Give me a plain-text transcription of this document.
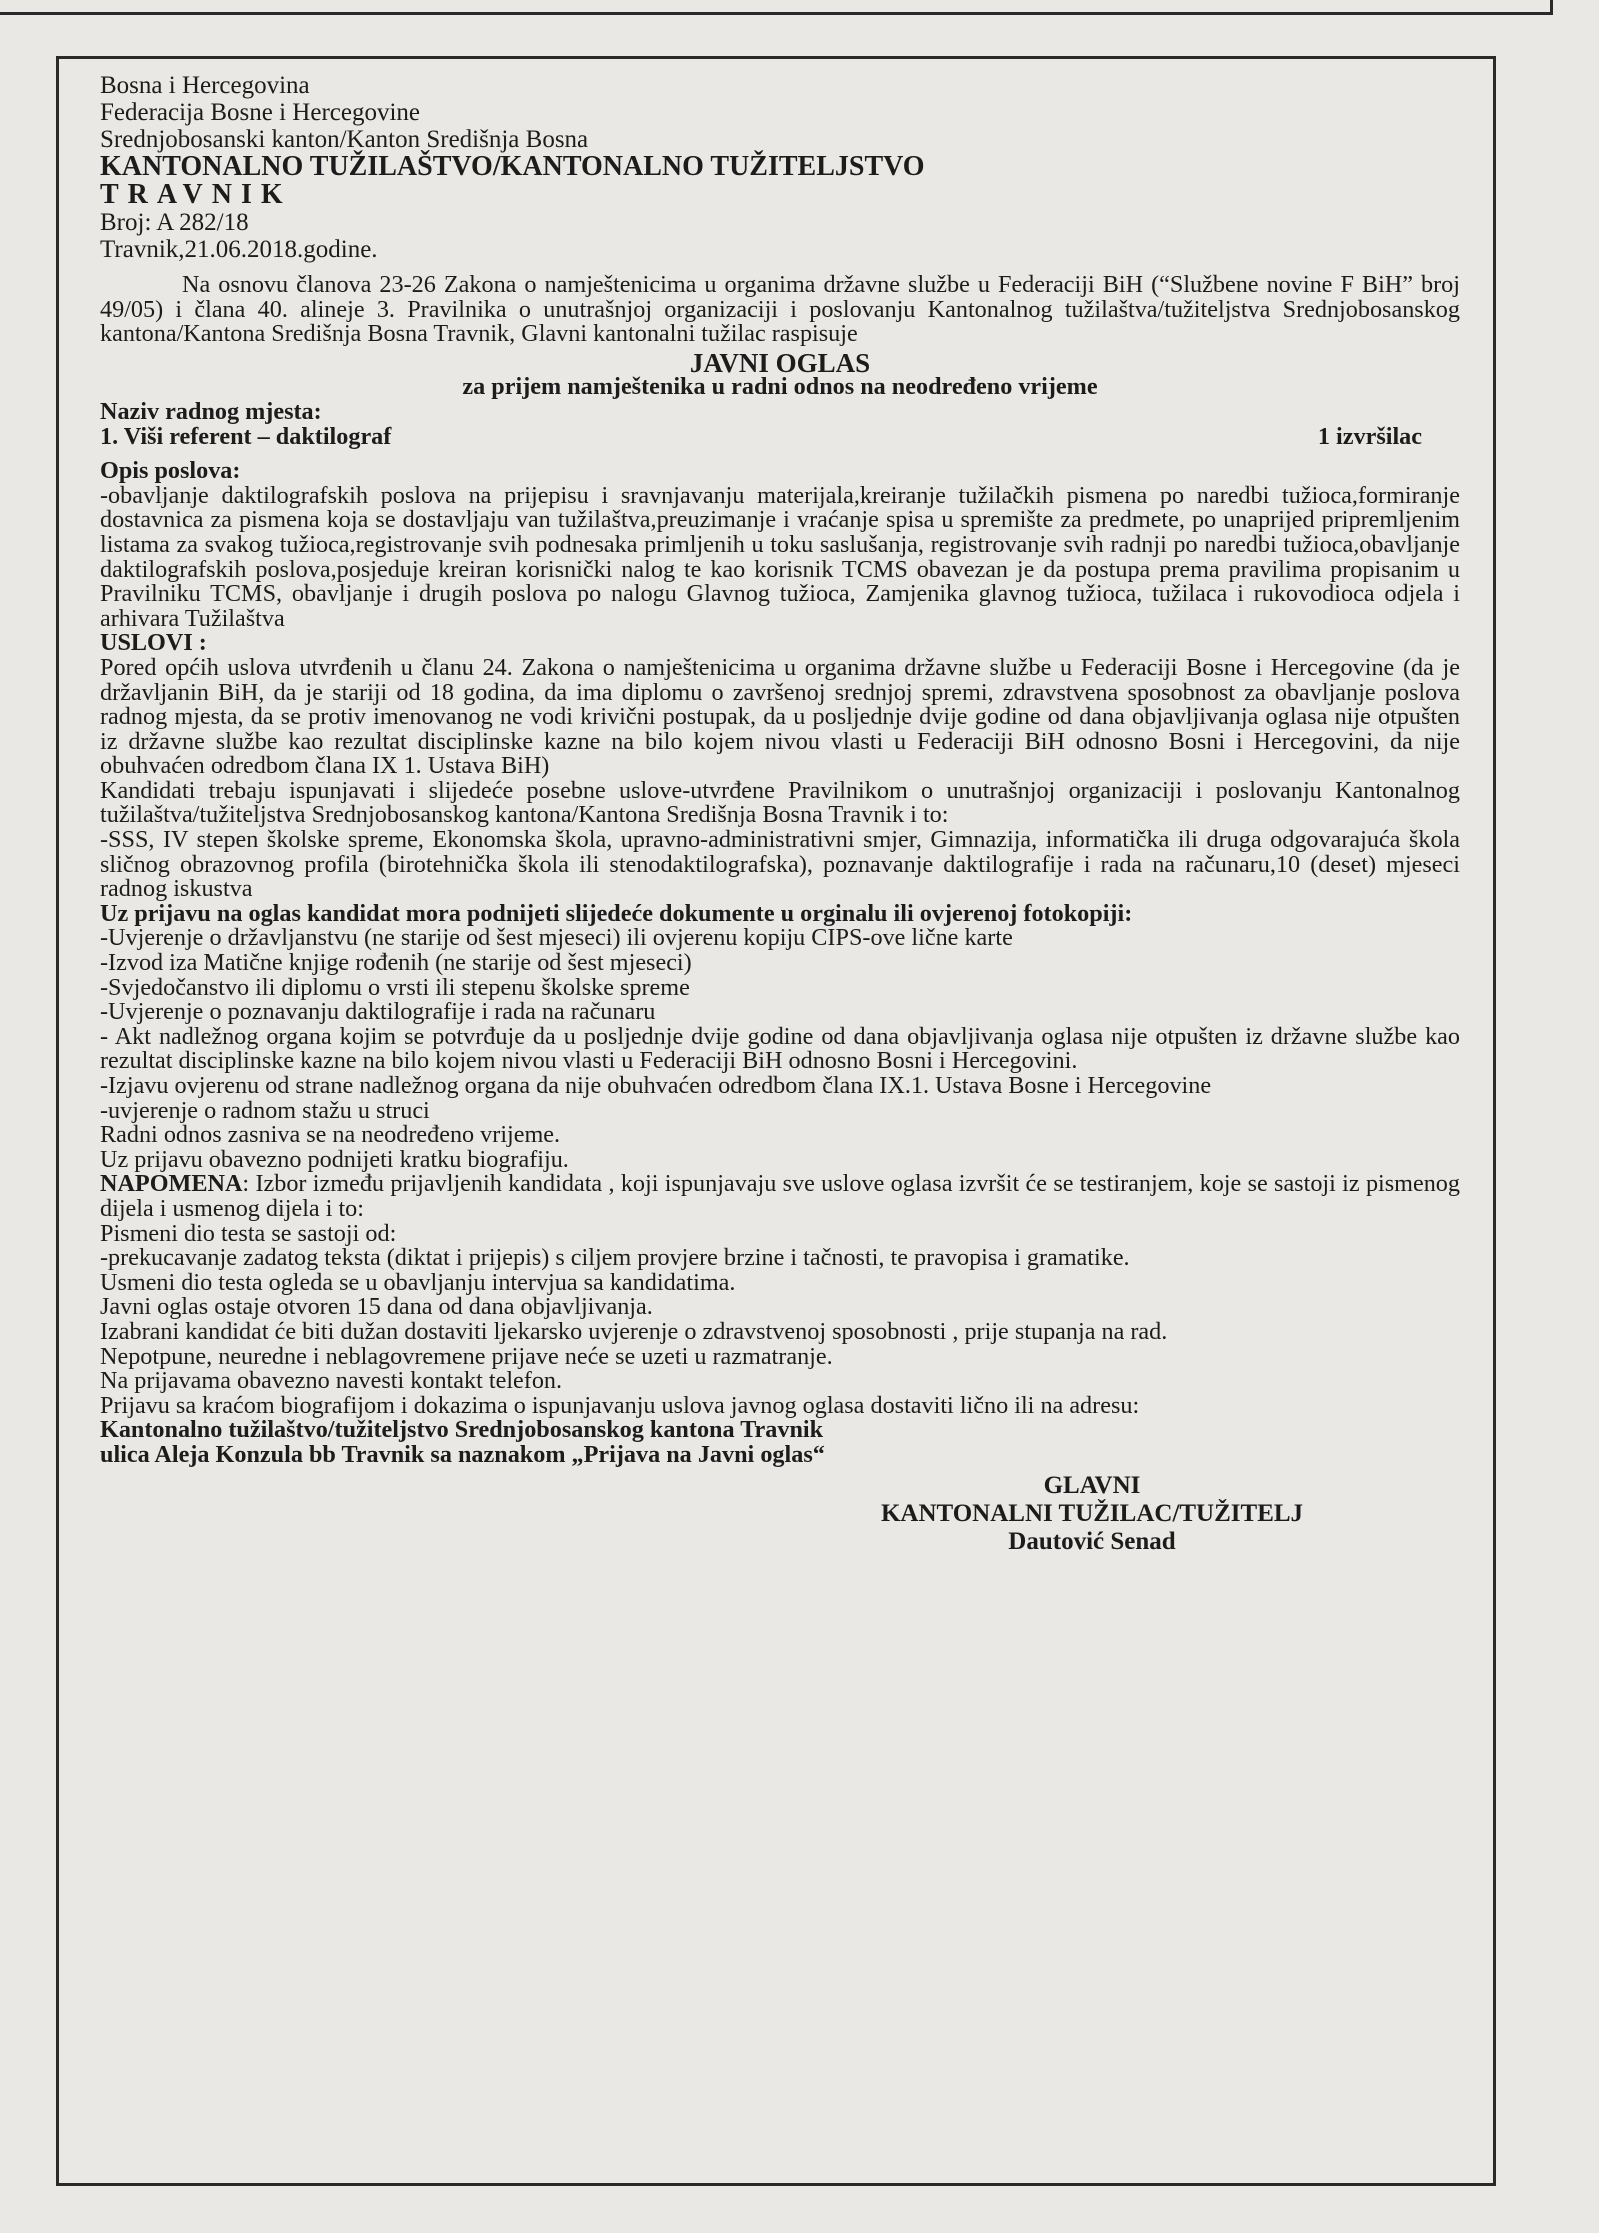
Bosna i Hercegovina

Federacija Bosne i Hercegovine

Srednjobosanski kanton/Kanton Središnja Bosna

KANTONALNO TUŽILAŠTVO/KANTONALNO TUŽITELJSTVO

TRAVNIK

Broj: A 282/18

Travnik,21.06.2018.godine.

Na osnovu članova 23-26 Zakona o namještenicima u organima državne službe u Federaciji BiH (“Službene novine F BiH” broj 49/05) i člana 40. alineje 3. Pravilnika o unutrašnjoj organizaciji i poslovanju Kantonalnog tužilaštva/tužiteljstva Srednjobosanskog kantona/Kantona Središnja Bosna Travnik, Glavni kantonalni tužilac raspisuje

JAVNI OGLAS

za prijem namještenika u radni odnos na neodređeno vrijeme

Naziv radnog mjesta:

1. Viši referent – daktilograf	1 izvršilac

Opis poslova:

-obavljanje daktilografskih poslova na prijepisu i sravnjavanju materijala,kreiranje tužilačkih pismena po naredbi tužioca,formiranje dostavnica za pismena koja se dostavljaju van tužilaštva,preuzimanje i vraćanje spisa u spremište za predmete, po unaprijed pripremljenim listama za svakog tužioca,registrovanje svih podnesaka primljenih u toku saslušanja, registrovanje svih radnji po naredbi tužioca,obavljanje daktilografskih poslova,posjeduje kreiran korisnički nalog te kao korisnik TCMS obavezan je da postupa prema pravilima propisanim u Pravilniku TCMS, obavljanje i drugih poslova po nalogu Glavnog tužioca, Zamjenika glavnog tužioca, tužilaca i rukovodioca odjela i arhivara Tužilaštva

USLOVI :

Pored općih uslova utvrđenih u članu 24. Zakona o namještenicima u organima državne službe u Federaciji Bosne i Hercegovine (da je državljanin BiH, da je stariji od 18 godina, da ima diplomu o završenoj srednjoj spremi, zdravstvena sposobnost za obavljanje poslova radnog mjesta, da se protiv imenovanog ne vodi krivični postupak, da u posljednje dvije godine od dana objavljivanja oglasa nije otpušten iz državne službe kao rezultat disciplinske kazne na bilo kojem nivou vlasti u Federaciji BiH odnosno Bosni i Hercegovini, da nije obuhvaćen odredbom člana IX 1. Ustava BiH)

Kandidati trebaju ispunjavati i slijedeće posebne uslove-utvrđene Pravilnikom o unutrašnjoj organizaciji i poslovanju Kantonalnog tužilaštva/tužiteljstva Srednjobosanskog kantona/Kantona Središnja Bosna Travnik i to:

-SSS, IV stepen školske spreme, Ekonomska škola, upravno-administrativni smjer, Gimnazija, informatička ili druga odgovarajuća škola sličnog obrazovnog profila (birotehnička škola ili stenodaktilografska), poznavanje daktilografije i rada na računaru,10 (deset) mjeseci radnog iskustva

Uz prijavu na oglas kandidat mora podnijeti slijedeće dokumente u orginalu ili ovjerenoj fotokopiji:

-Uvjerenje o državljanstvu (ne starije od šest mjeseci) ili ovjerenu kopiju CIPS-ove lične karte

-Izvod iza Matične knjige rođenih (ne starije od šest mjeseci)

-Svjedočanstvo ili diplomu o vrsti ili stepenu školske spreme

-Uvjerenje o poznavanju daktilografije i rada na računaru

- Akt nadležnog organa kojim se potvrđuje da u posljednje dvije godine od dana objavljivanja oglasa nije otpušten iz državne službe kao rezultat disciplinske kazne na bilo kojem nivou vlasti u Federaciji BiH odnosno Bosni i Hercegovini.

-Izjavu ovjerenu od strane nadležnog organa da nije obuhvaćen odredbom člana IX.1. Ustava Bosne i Hercegovine

-uvjerenje o radnom stažu u struci

Radni odnos zasniva se na neodređeno vrijeme.

Uz prijavu obavezno podnijeti kratku biografiju.

NAPOMENA: Izbor između prijavljenih kandidata , koji ispunjavaju sve uslove oglasa izvršit će se testiranjem, koje se sastoji iz pismenog dijela i usmenog dijela i to:

Pismeni dio testa se sastoji od:

-prekucavanje zadatog teksta (diktat i prijepis) s ciljem provjere brzine i tačnosti, te pravopisa i gramatike.

Usmeni dio testa ogleda se u obavljanju intervjua sa kandidatima.

Javni oglas ostaje otvoren 15 dana od dana objavljivanja.

Izabrani kandidat će biti dužan dostaviti ljekarsko uvjerenje o zdravstvenoj sposobnosti , prije stupanja na rad.

Nepotpune, neuredne i neblagovremene prijave neće se uzeti u razmatranje.

Na prijavama obavezno navesti kontakt telefon.

Prijavu sa kraćom biografijom i dokazima o ispunjavanju uslova javnog oglasa dostaviti lično ili na adresu:

Kantonalno tužilaštvo/tužiteljstvo Srednjobosanskog kantona Travnik

ulica Aleja Konzula bb Travnik sa naznakom „Prijava na Javni oglas“

GLAVNI

KANTONALNI TUŽILAC/TUŽITELJ

Dautović Senad
